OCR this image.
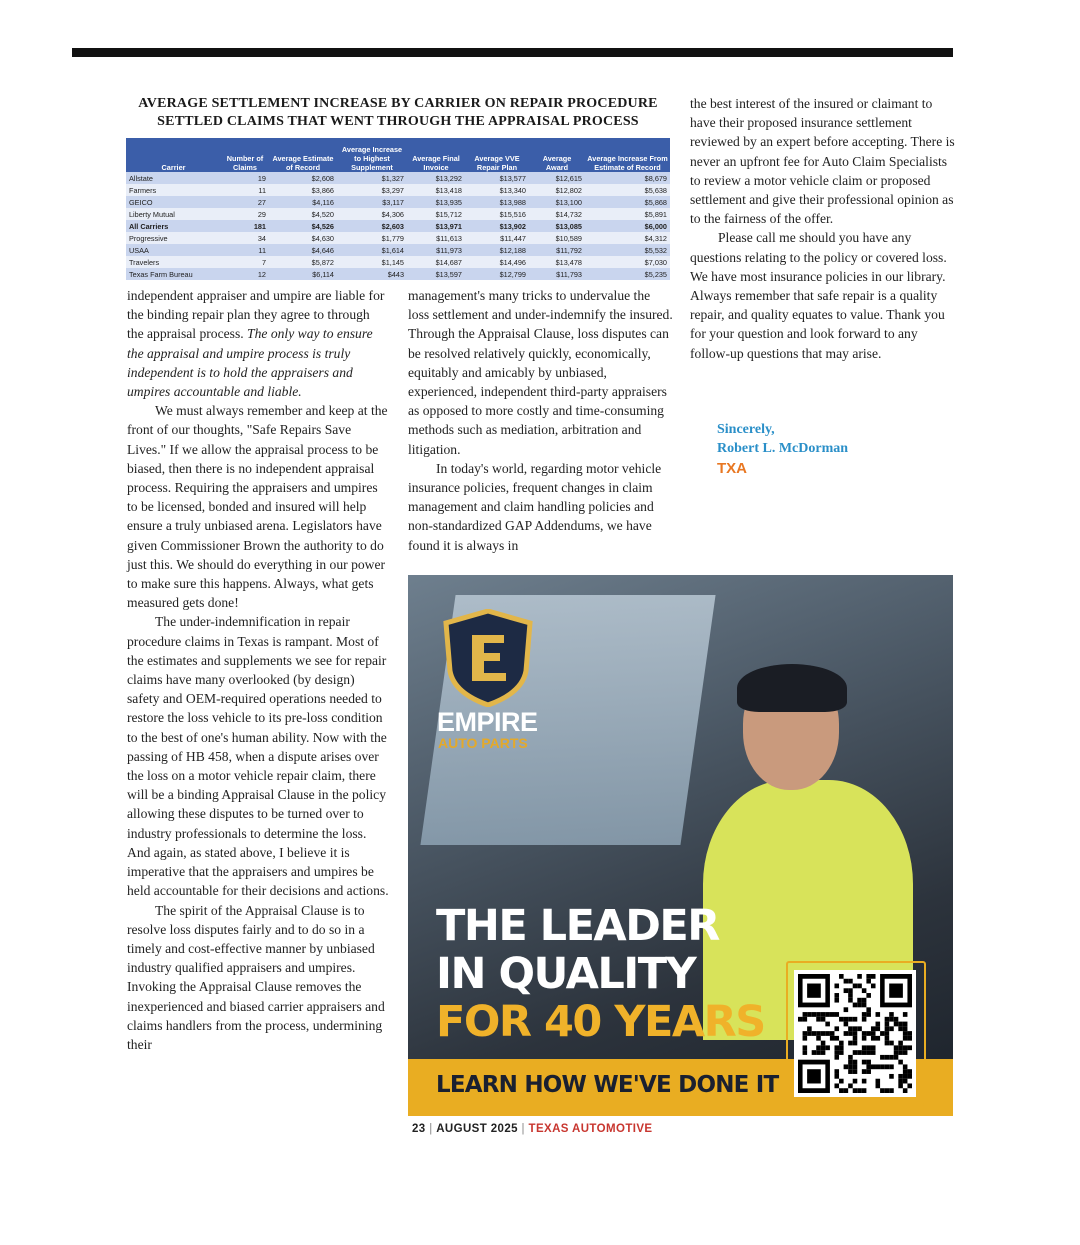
AVERAGE SETTLEMENT INCREASE BY CARRIER ON REPAIR PROCEDURE
SETTLED CLAIMS THAT WENT THROUGH THE APPRAISAL PROCESS
Carrier	Number of Claims	Average Estimate of Record	Average Increase to Highest Supplement	Average Final Invoice	Average VVE Repair Plan	Average Award	Average Increase From Estimate of Record
Allstate	19	$2,608	$1,327	$13,292	$13,577	$12,615	$8,679
Farmers	11	$3,866	$3,297	$13,418	$13,340	$12,802	$5,638
GEICO	27	$4,116	$3,117	$13,935	$13,988	$13,100	$5,868
Liberty Mutual	29	$4,520	$4,306	$15,712	$15,516	$14,732	$5,891
All Carriers	181	$4,526	$2,603	$13,971	$13,902	$13,085	$6,000
Progressive	34	$4,630	$1,779	$11,613	$11,447	$10,589	$4,312
USAA	11	$4,646	$1,614	$11,973	$12,188	$11,792	$5,532
Travelers	7	$5,872	$1,145	$14,687	$14,496	$13,478	$7,030
Texas Farm Bureau	12	$6,114	$443	$13,597	$12,799	$11,793	$5,235

independent appraiser and umpire are liable for the binding repair plan they agree to through the appraisal process. The only way to ensure the appraisal and umpire process is truly independent is to hold the appraisers and umpires accountable and liable.

We must always remember and keep at the front of our thoughts, "Safe Repairs Save Lives." If we allow the appraisal process to be biased, then there is no independent appraisal process. Requiring the appraisers and umpires to be licensed, bonded and insured will help ensure a truly unbiased arena. Legislators have given Commissioner Brown the authority to do just this. We should do everything in our power to make sure this happens. Always, what gets measured gets done!

The under-indemnification in repair procedure claims in Texas is rampant. Most of the estimates and supplements we see for repair claims have many overlooked (by design) safety and OEM-required operations needed to restore the loss vehicle to its pre-loss condition to the best of one's human ability. Now with the passing of HB 458, when a dispute arises over the loss on a motor vehicle repair claim, there will be a binding Appraisal Clause in the policy allowing these disputes to be turned over to industry professionals to determine the loss. And again, as stated above, I believe it is imperative that the appraisers and umpires be held accountable for their decisions and actions.

The spirit of the Appraisal Clause is to resolve loss disputes fairly and to do so in a timely and cost-effective manner by unbiased industry qualified appraisers and umpires. Invoking the Appraisal Clause removes the inexperienced and biased carrier appraisers and claims handlers from the process, undermining their

management's many tricks to undervalue the loss settlement and under-indemnify the insured. Through the Appraisal Clause, loss disputes can be resolved relatively quickly, economically, equitably and amicably by unbiased, experienced, independent third-party appraisers as opposed to more costly and time-consuming methods such as mediation, arbitration and litigation.

In today's world, regarding motor vehicle insurance policies, frequent changes in claim management and claim handling policies and non-standardized GAP Addendums, we have found it is always in

the best interest of the insured or claimant to have their proposed insurance settlement reviewed by an expert before accepting. There is never an upfront fee for Auto Claim Specialists to review a motor vehicle claim or proposed settlement and give their professional opinion as to the fairness of the offer.

Please call me should you have any questions relating to the policy or covered loss. We have most insurance policies in our library. Always remember that safe repair is a quality repair, and quality equates to value. Thank you for your question and look forward to any follow-up questions that may arise.

Sincerely,
Robert L. McDorman
TXA
EMPIRE
AUTO PARTS
THE LEADER
IN QUALITY
FOR 40 YEARS
LEARN HOW WE'VE DONE IT
23 | AUGUST 2025 | TEXAS AUTOMOTIVE
